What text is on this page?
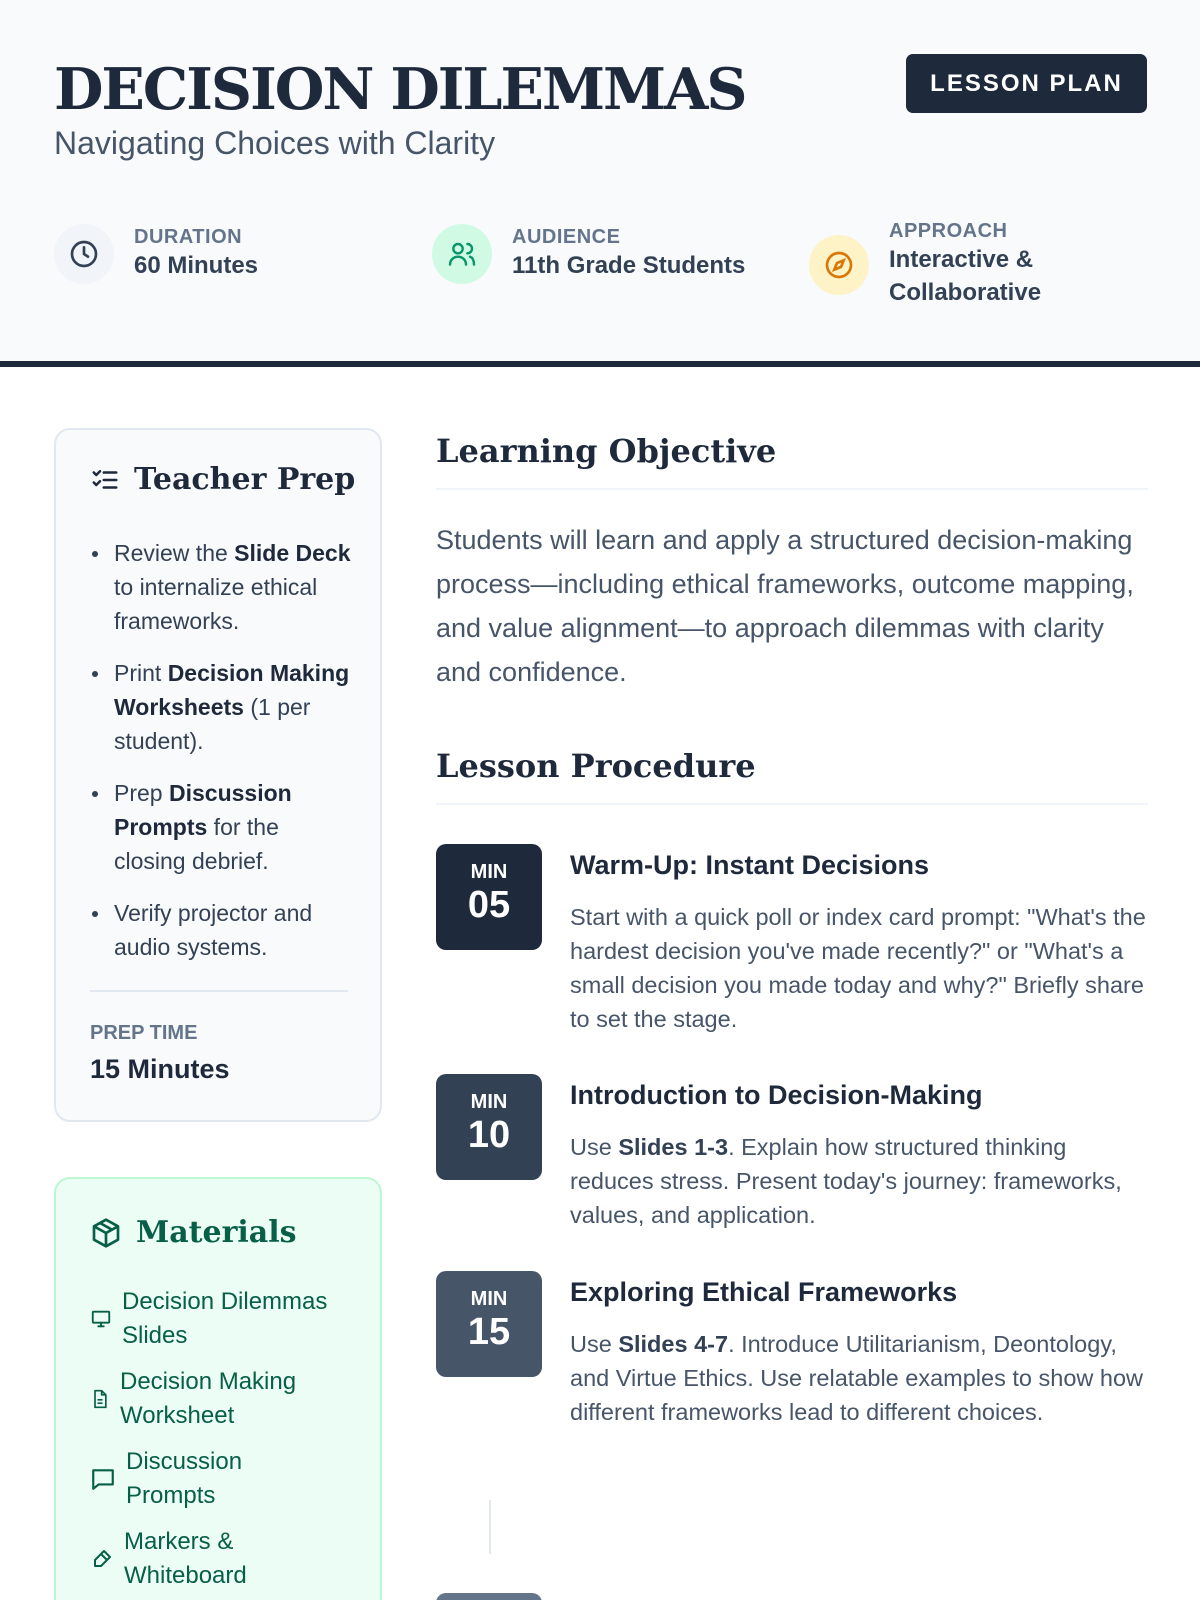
DECISION DILEMMAS
Navigating Choices with Clarity
LESSON PLAN
DURATION
60 Minutes
AUDIENCE
11th Grade Students
APPROACH
Interactive &
Collaborative
Teacher Prep
Review the Slide Deck to internalize ethical frameworks.
Print Decision Making Worksheets (1 per student).
Prep Discussion Prompts for the closing debrief.
Verify projector and audio systems.
PREP TIME
15 Minutes
Materials
Decision Dilemmas
Slides
Decision Making
Worksheet
Discussion
Prompts
Markers &
Whiteboard
Learning Objective
Students will learn and apply a structured decision-making process—including ethical frameworks, outcome mapping, and value alignment—to approach dilemmas with clarity and confidence.
Lesson Procedure
MIN
05
Warm-Up: Instant Decisions
Start with a quick poll or index card prompt: "What's the hardest decision you've made recently?" or "What's a small decision you made today and why?" Briefly share to set the stage.
MIN
10
Introduction to Decision-Making
Use Slides 1-3. Explain how structured thinking reduces stress. Present today's journey: frameworks, values, and application.
MIN
15
Exploring Ethical Frameworks
Use Slides 4-7. Introduce Utilitarianism, Deontology, and Virtue Ethics. Use relatable examples to show how different frameworks lead to different choices.
